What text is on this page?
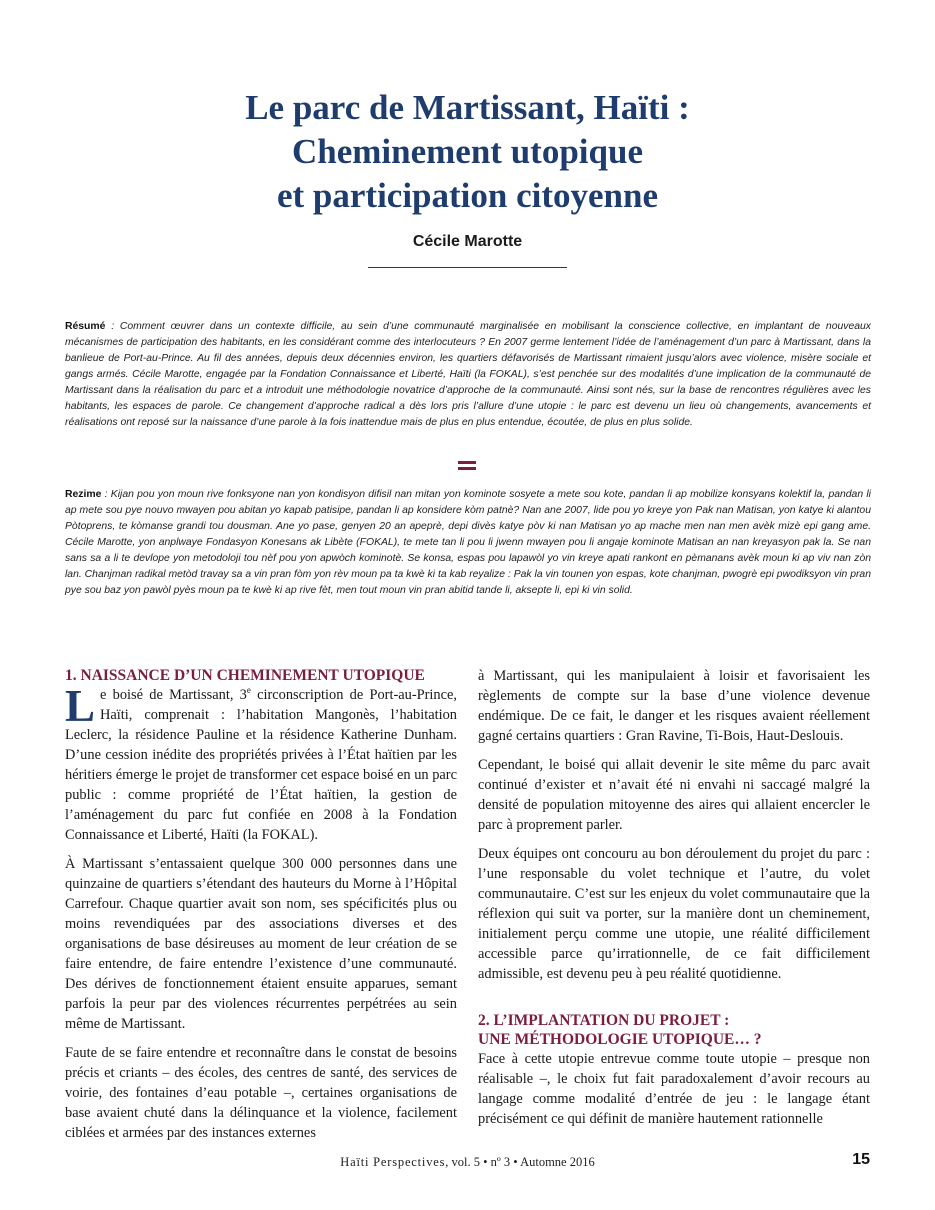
Le parc de Martissant, Haïti :
Cheminement utopique
et participation citoyenne
Cécile Marotte
Résumé : Comment œuvrer dans un contexte difficile, au sein d’une communauté marginalisée en mobilisant la conscience collective, en implantant de nouveaux mécanismes de participation des habitants, en les considérant comme des interlocuteurs ? En 2007 germe lentement l’idée de l’aménagement d’un parc à Martissant, dans la banlieue de Port-au-Prince. Au fil des années, depuis deux décennies environ, les quartiers défavorisés de Martissant rimaient jusqu’alors avec violence, misère sociale et gangs armés. Cécile Marotte, engagée par la Fondation Connaissance et Liberté, Haïti (la FOKAL), s’est penchée sur des modalités d’une implication de la communauté de Martissant dans la réalisation du parc et a introduit une méthodologie novatrice d’approche de la communauté. Ainsi sont nés, sur la base de rencontres régulières avec les habitants, les espaces de parole. Ce changement d’approche radical a dès lors pris l’allure d’une utopie : le parc est devenu un lieu où changements, avancements et réalisations ont reposé sur la naissance d’une parole à la fois inattendue mais de plus en plus entendue, écoutée, de plus en plus solide.
Rezime : Kijan pou yon moun rive fonksyone nan yon kondisyon difisil nan mitan yon kominote sosyete a mete sou kote, pandan li ap mobilize konsyans kolektif la, pandan li ap mete sou pye nouvo mwayen pou abitan yo kapab patisipe, pandan li ap konsidere kòm patnè? Nan ane 2007, lide pou yo kreye yon Pak nan Matisan, yon katye ki alantou Pòtoprens, te kòmanse grandi tou dousman. Ane yo pase, genyen 20 an apeprè, depi divès katye pòv ki nan Matisan yo ap mache men nan men avèk mizè epi gang ame. Cécile Marotte, yon anplwaye Fondasyon Konesans ak Libète (FOKAL), te mete tan li pou li jwenn mwayen pou li angaje kominote Matisan an nan kreyasyon pak la. Se nan sans sa a li te devlope yon metodoloji tou nèf pou yon apwòch kominotè. Se konsa, espas pou lapawòl yo vin kreye apati rankont en pèmanans avèk moun ki ap viv nan zòn lan. Chanjman radikal metòd travay sa a vin pran fòm yon rèv moun pa ta kwè ki ta kab reyalize : Pak la vin tounen yon espas, kote chanjman, pwogrè epi pwodiksyon vin pran pye sou baz yon pawòl pyès moun pa te kwè ki ap rive fèt, men tout moun vin pran abitid tande li, aksepte li, epi ki vin solid.
1. NAISSANCE D’UN CHEMINEMENT UTOPIQUE

Le boisé de Martissant, 3e circonscription de Port-au-Prince, Haïti, comprenait : l’habitation Mangonès, l’habitation Leclerc, la résidence Pauline et la résidence Katherine Dunham. D’une cession inédite des propriétés privées à l’État haïtien par les héritiers émerge le projet de transformer cet espace boisé en un parc public : comme propriété de l’État haïtien, la gestion de l’aménagement du parc fut confiée en 2008 à la Fondation Connaissance et Liberté, Haïti (la FOKAL).

À Martissant s’entassaient quelque 300 000 personnes dans une quinzaine de quartiers s’étendant des hauteurs du Morne à l’Hôpital Carrefour. Chaque quartier avait son nom, ses spécificités plus ou moins revendiquées par des associations diverses et des organisations de base désireuses au moment de leur création de se faire entendre, de faire entendre l’existence d’une communauté. Des dérives de fonctionnement étaient ensuite apparues, semant parfois la peur par des violences récurrentes perpétrées au sein même de Martissant.

Faute de se faire entendre et reconnaître dans le constat de besoins précis et criants – des écoles, des centres de santé, des services de voirie, des fontaines d’eau potable –, certaines organisations de base avaient chuté dans la délinquance et la violence, facilement ciblées et armées par des instances externes

à Martissant, qui les manipulaient à loisir et favorisaient les règlements de compte sur la base d’une violence devenue endémique. De ce fait, le danger et les risques avaient réellement gagné certains quartiers : Gran Ravine, Ti-Bois, Haut-Deslouis.

Cependant, le boisé qui allait devenir le site même du parc avait continué d’exister et n’avait été ni envahi ni saccagé malgré la densité de population mitoyenne des aires qui allaient encercler le parc à proprement parler.

Deux équipes ont concouru au bon déroulement du projet du parc : l’une responsable du volet technique et l’autre, du volet communautaire. C’est sur les enjeux du volet communautaire que la réflexion qui suit va porter, sur la manière dont un cheminement, initialement perçu comme une utopie, une réalité difficilement accessible parce qu’irrationnelle, de ce fait difficilement admissible, est devenu peu à peu réalité quotidienne.

2. L’IMPLANTATION DU PROJET :
UNE MÉTHODOLOGIE UTOPIQUE… ?

Face à cette utopie entrevue comme toute utopie – presque non réalisable –, le choix fut fait paradoxalement d’avoir recours au langage comme modalité d’entrée de jeu : le langage étant précisément ce qui définit de manière hautement rationnelle

Haïti Perspectives, vol. 5 • nº 3 • Automne 2016	15
